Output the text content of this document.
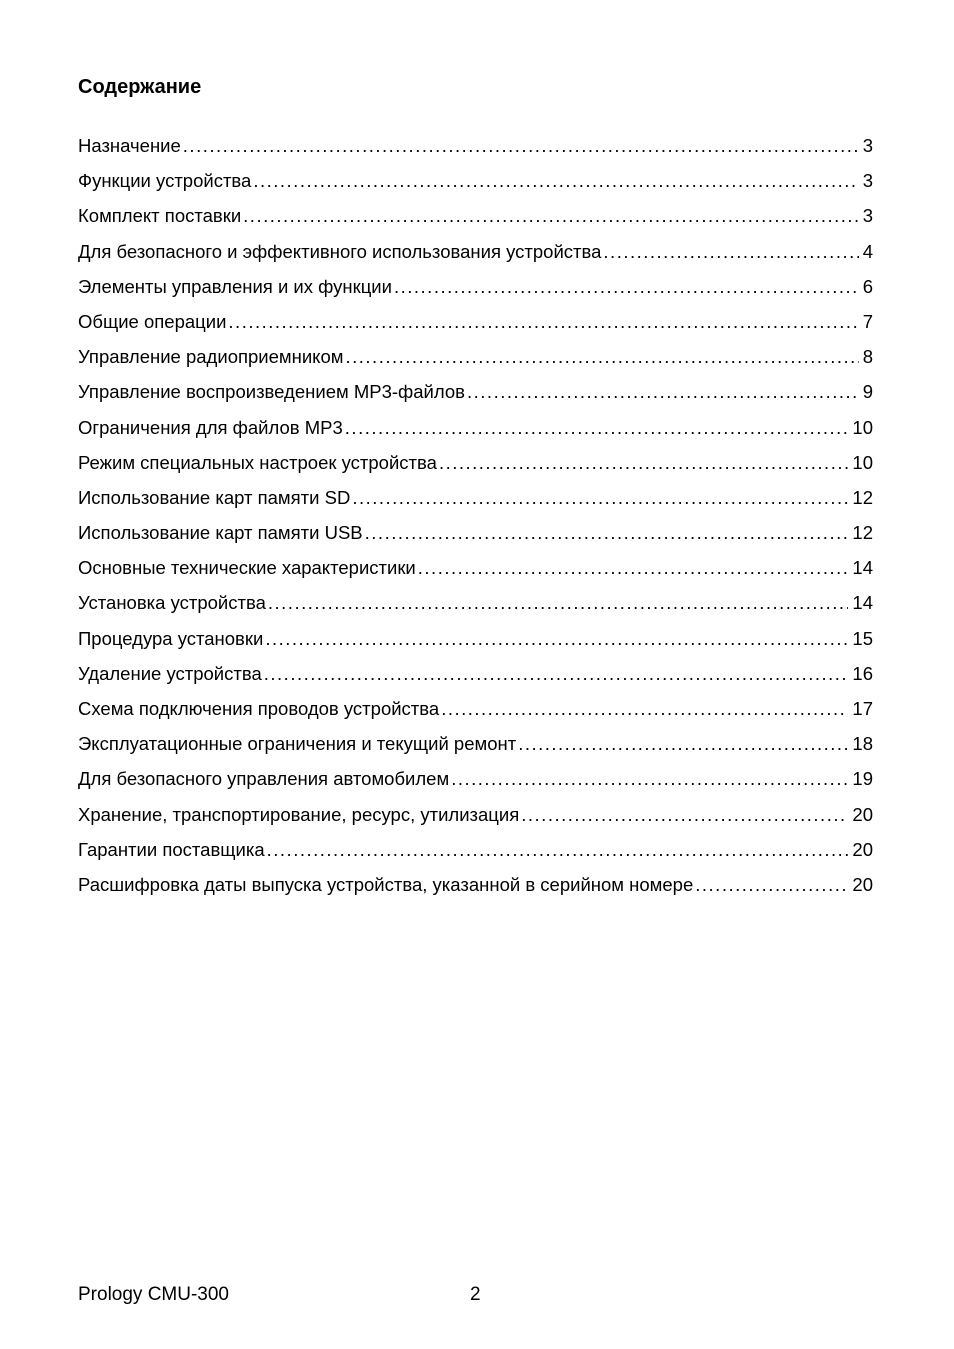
Содержание
Назначение .....	3
Функции устройства .....	3
Комплект поставки .....	3
Для безопасного и эффективного использования устройства .....	4
Элементы управления и их функции .....	6
Общие операции .....	7
Управление радиоприемником .....	8
Управление воспроизведением MP3-файлов .....	9
Ограничения для файлов MP3 .....	10
Режим специальных настроек устройства .....	10
Использование карт памяти SD .....	12
Использование карт памяти USB .....	12
Основные технические характеристики .....	14
Установка устройства .....	14
Процедура установки .....	15
Удаление устройства .....	16
Схема подключения проводов устройства .....	17
Эксплуатационные ограничения и текущий ремонт .....	18
Для безопасного управления автомобилем .....	19
Хранение, транспортирование, ресурс, утилизация .....	20
Гарантии поставщика .....	20
Расшифровка даты выпуска устройства, указанной в серийном номере .....	20
Prology CMU-300	2
